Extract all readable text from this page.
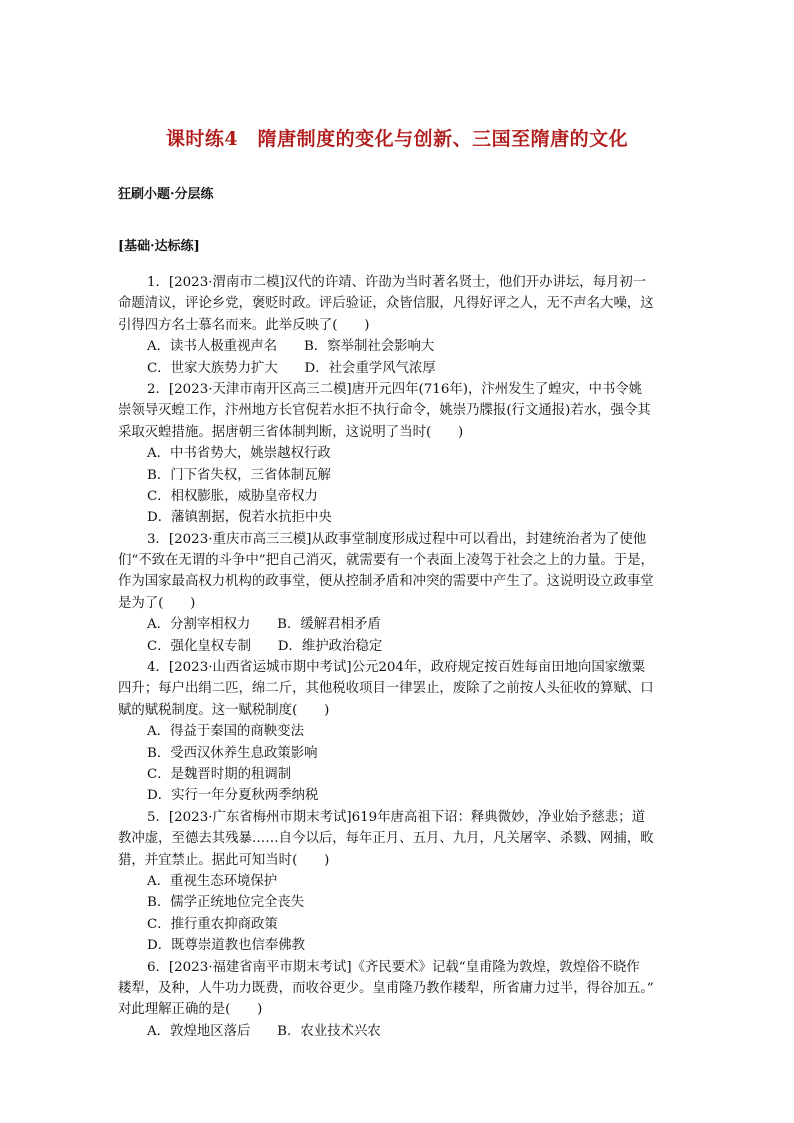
课时练4　隋唐制度的变化与创新、三国至隋唐的文化
狂刷小题·分层练
[基础·达标练]
1．[2023·渭南市二模]汉代的许靖、许劭为当时著名贤士，他们开办讲坛，每月初一
命题清议，评论乡党，褒贬时政。评后验证，众皆信服，凡得好评之人，无不声名大噪，这
引得四方名士慕名而来。此举反映了(　　)
A．读书人极重视声名　　B．察举制社会影响大
C．世家大族势力扩大　　D．社会重学风气浓厚
2．[2023·天津市南开区高三二模]唐开元四年(716年)，汴州发生了蝗灾，中书令姚
崇领导灭蝗工作，汴州地方长官倪若水拒不执行命令，姚崇乃牒报(行文通报)若水，强令其
采取灭蝗措施。据唐朝三省体制判断，这说明了当时(　　)
A．中书省势大，姚崇越权行政
B．门下省失权，三省体制瓦解
C．相权膨胀，威胁皇帝权力
D．藩镇割据，倪若水抗拒中央
3．[2023·重庆市高三三模]从政事堂制度形成过程中可以看出，封建统治者为了使他
们“不致在无谓的斗争中”把自己消灭，就需要有一个表面上凌驾于社会之上的力量。于是，
作为国家最高权力机构的政事堂，便从控制矛盾和冲突的需要中产生了。这说明设立政事堂
是为了(　　)
A．分割宰相权力　　B．缓解君相矛盾
C．强化皇权专制　　D．维护政治稳定
4．[2023·山西省运城市期中考试]公元204年，政府规定按百姓每亩田地向国家缴粟
四升；每户出绢二匹，绵二斤，其他税收项目一律罢止，废除了之前按人头征收的算赋、口
赋的赋税制度。这一赋税制度(　　)
A．得益于秦国的商鞅变法
B．受西汉休养生息政策影响
C．是魏晋时期的租调制
D．实行一年分夏秋两季纳税
5．[2023·广东省梅州市期末考试]619年唐高祖下诏：释典微妙，净业始予慈悲；道
教冲虚，至德去其残暴……自今以后，每年正月、五月、九月，凡关屠宰、杀戮、网捕，畋
猎，并宜禁止。据此可知当时(　　)
A．重视生态环境保护
B．儒学正统地位完全丧失
C．推行重农抑商政策
D．既尊崇道教也信奉佛教
6．[2023·福建省南平市期末考试]《齐民要术》记载“皇甫隆为敦煌，敦煌俗不晓作
耧犁，及种，人牛功力既费，而收谷更少。皇甫隆乃教作耧犁，所省庸力过半，得谷加五。”
对此理解正确的是(　　)
A．敦煌地区落后　　B．农业技术兴农
